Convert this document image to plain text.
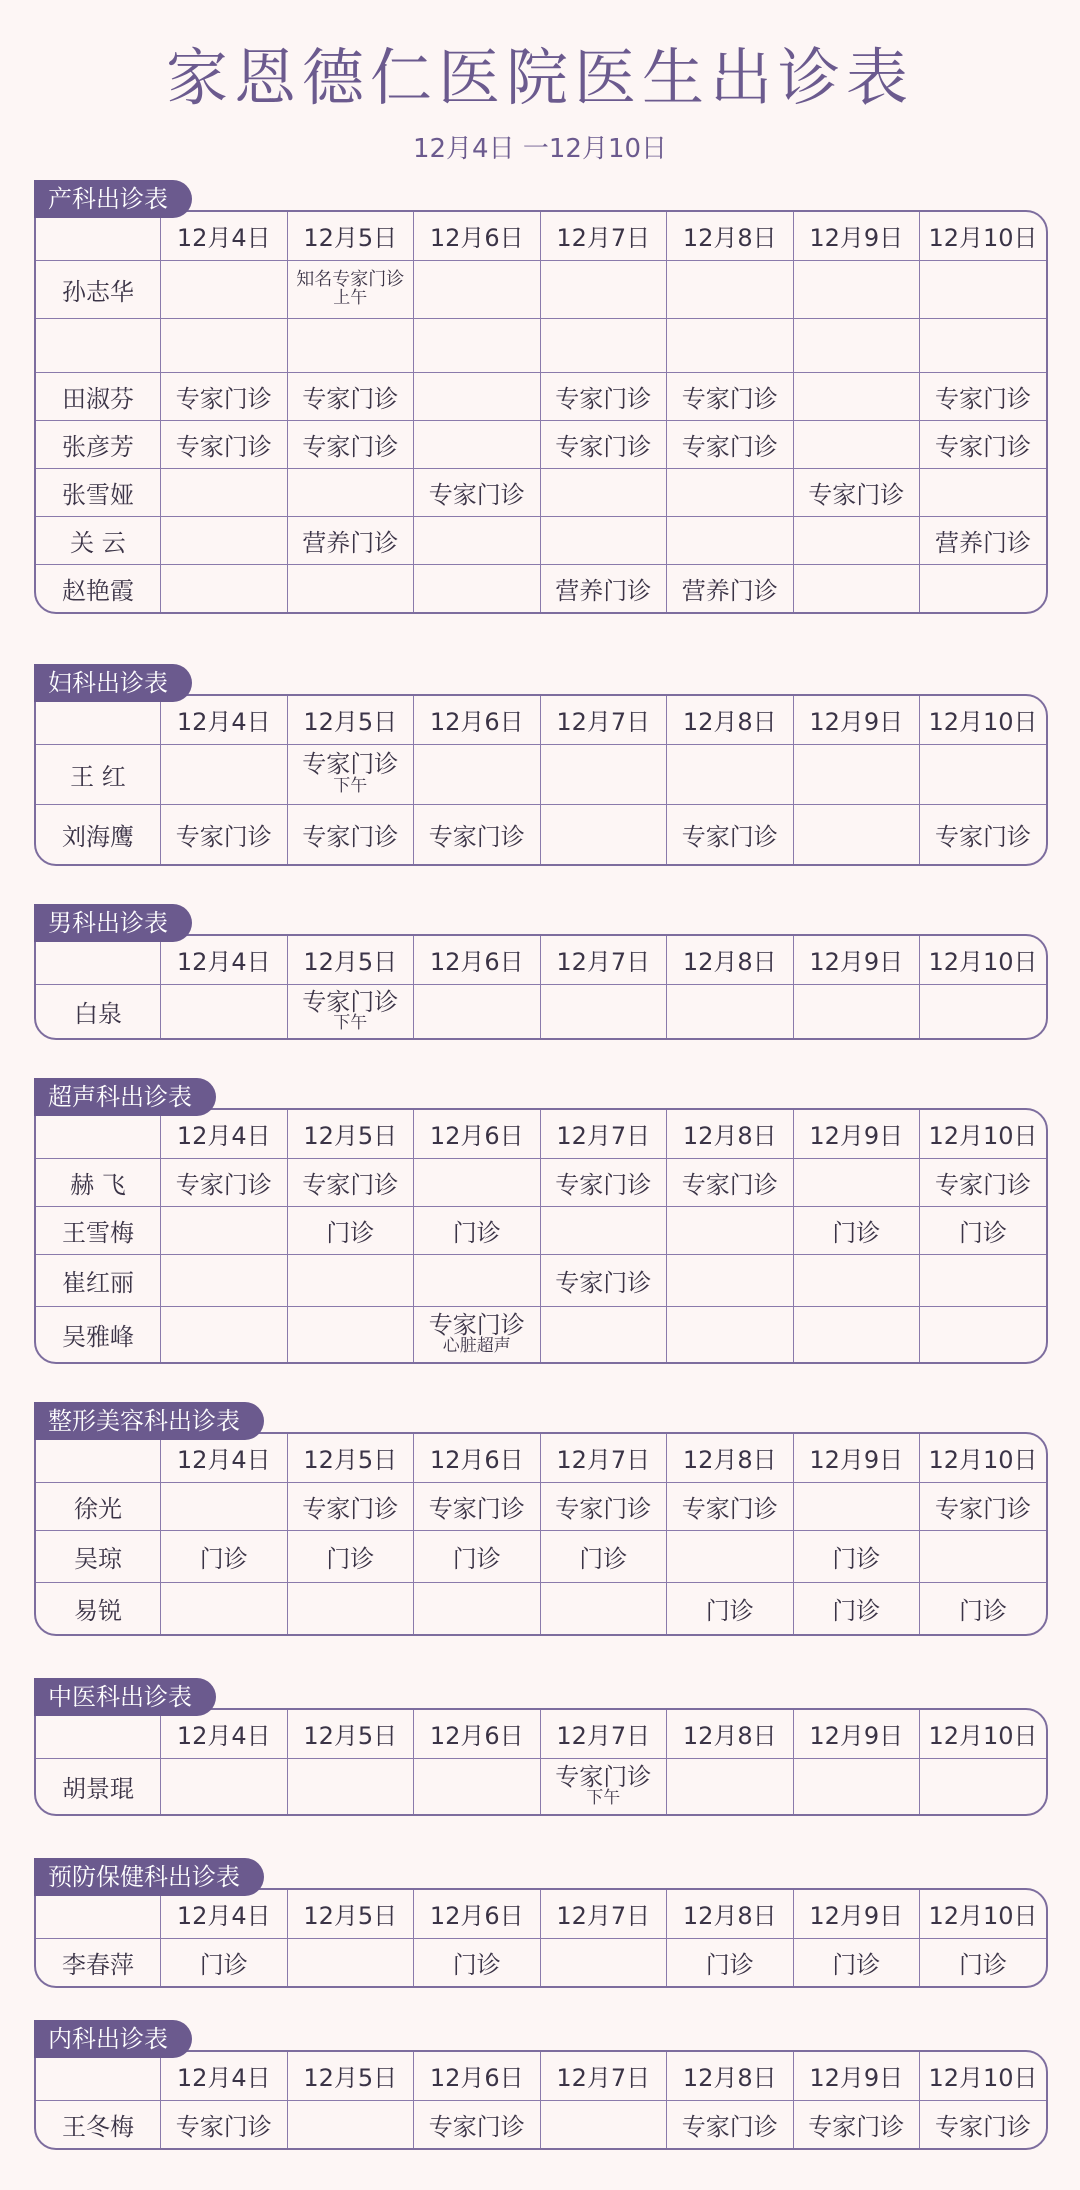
家恩德仁医院医生出诊表
12月4日 一12月10日
产科出诊表
	12月4日	12月5日	12月6日	12月7日	12月8日	12月9日	12月10日
孙志华		知名专家门诊
上午					

田淑芬	专家门诊	专家门诊		专家门诊	专家门诊		专家门诊
张彦芳	专家门诊	专家门诊		专家门诊	专家门诊		专家门诊
张雪娅			专家门诊			专家门诊	
关 云		营养门诊					营养门诊
赵艳霞				营养门诊	营养门诊		
妇科出诊表
	12月4日	12月5日	12月6日	12月7日	12月8日	12月9日	12月10日
王 红		专家门诊
下午					

刘海鹰	专家门诊	专家门诊	专家门诊		专家门诊		专家门诊
男科出诊表
	12月4日	12月5日	12月6日	12月7日	12月8日	12月9日	12月10日
白泉		专家门诊
下午					

超声科出诊表
	12月4日	12月5日	12月6日	12月7日	12月8日	12月9日	12月10日
赫 飞	专家门诊	专家门诊		专家门诊	专家门诊		专家门诊
王雪梅		门诊	门诊			门诊	门诊
崔红丽				专家门诊			
吴雅峰			专家门诊
心脏超声				

整形美容科出诊表
	12月4日	12月5日	12月6日	12月7日	12月8日	12月9日	12月10日
徐光		专家门诊	专家门诊	专家门诊	专家门诊		专家门诊
吴琼	门诊	门诊	门诊	门诊		门诊	
易锐					门诊	门诊	门诊
中医科出诊表
	12月4日	12月5日	12月6日	12月7日	12月8日	12月9日	12月10日
胡景琨				专家门诊
下午			

预防保健科出诊表
	12月4日	12月5日	12月6日	12月7日	12月8日	12月9日	12月10日
李春萍	门诊		门诊		门诊	门诊	门诊
内科出诊表
	12月4日	12月5日	12月6日	12月7日	12月8日	12月9日	12月10日
王冬梅	专家门诊		专家门诊		专家门诊	专家门诊	专家门诊
